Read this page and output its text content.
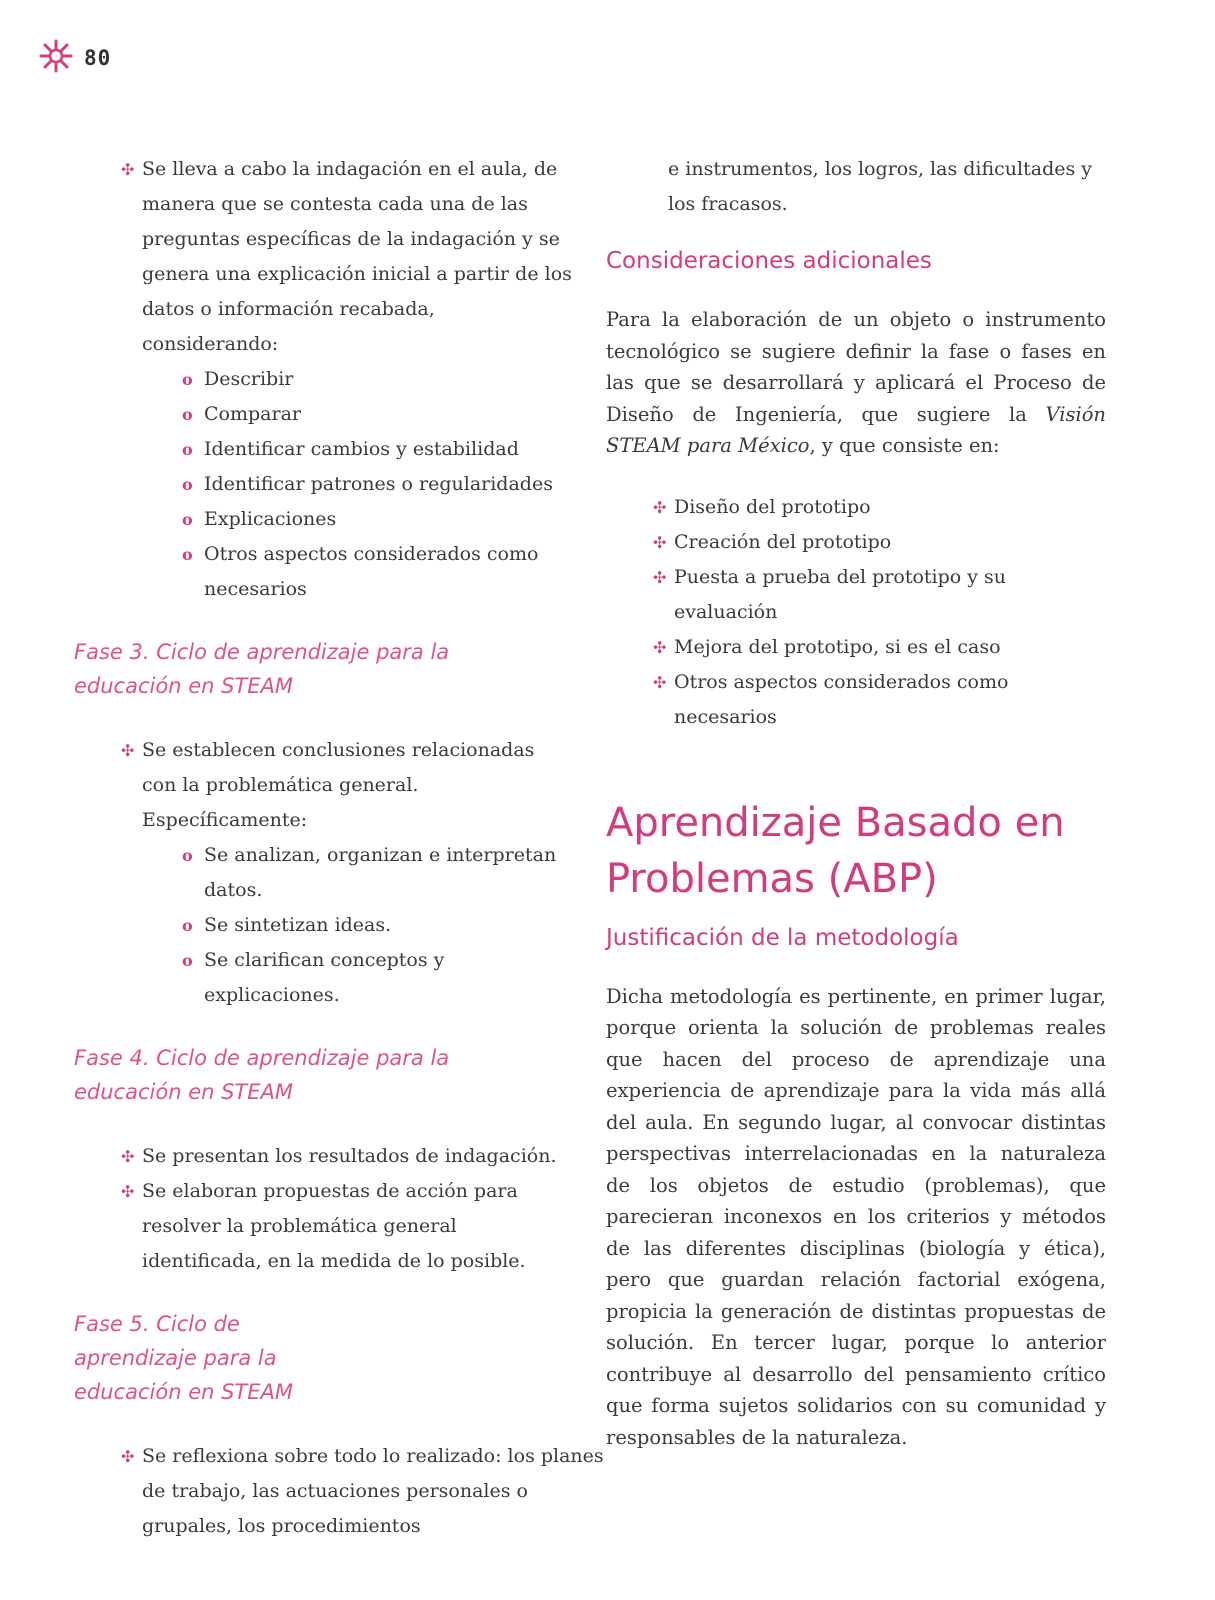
80
✣ Se lleva a cabo la indagación en el aula, de manera que se contesta cada una de las preguntas específicas de la indagación y se genera una explicación inicial a partir de los datos o información recabada, considerando:
o Describir
o Comparar
o Identificar cambios y estabilidad
o Identificar patrones o regularidades
o Explicaciones
o Otros aspectos considerados como necesarios
Fase 3. Ciclo de aprendizaje para la educación en STEAM
✣ Se establecen conclusiones relacionadas con la problemática general. Específicamente:
o Se analizan, organizan e interpretan datos.
o Se sintetizan ideas.
o Se clarifican conceptos y explicaciones.
Fase 4. Ciclo de aprendizaje para la educación en STEAM
✣ Se presentan los resultados de indagación.
✣ Se elaboran propuestas de acción para resolver la problemática general identificada, en la medida de lo posible.
Fase 5. Ciclo de aprendizaje para la educación en STEAM
✣ Se reflexiona sobre todo lo realizado: los planes de trabajo, las actuaciones personales o grupales, los procedimientos
e instrumentos, los logros, las dificultades y los fracasos.
Consideraciones adicionales
Para la elaboración de un objeto o instrumento tecnológico se sugiere definir la fase o fases en las que se desarrollará y aplicará el Proceso de Diseño de Ingeniería, que sugiere la Visión STEAM para México, y que consiste en:
✣ Diseño del prototipo
✣ Creación del prototipo
✣ Puesta a prueba del prototipo y su evaluación
✣ Mejora del prototipo, si es el caso
✣ Otros aspectos considerados como necesarios
Aprendizaje Basado en Problemas (ABP)
Justificación de la metodología
Dicha metodología es pertinente, en primer lugar, porque orienta la solución de problemas reales que hacen del proceso de aprendizaje una experiencia de aprendizaje para la vida más allá del aula. En segundo lugar, al convocar distintas perspectivas interrelacionadas en la naturaleza de los objetos de estudio (problemas), que parecieran inconexos en los criterios y métodos de las diferentes disciplinas (biología y ética), pero que guardan relación factorial exógena, propicia la generación de distintas propuestas de solución. En tercer lugar, porque lo anterior contribuye al desarrollo del pensamiento crítico que forma sujetos solidarios con su comunidad y responsables de la naturaleza.
